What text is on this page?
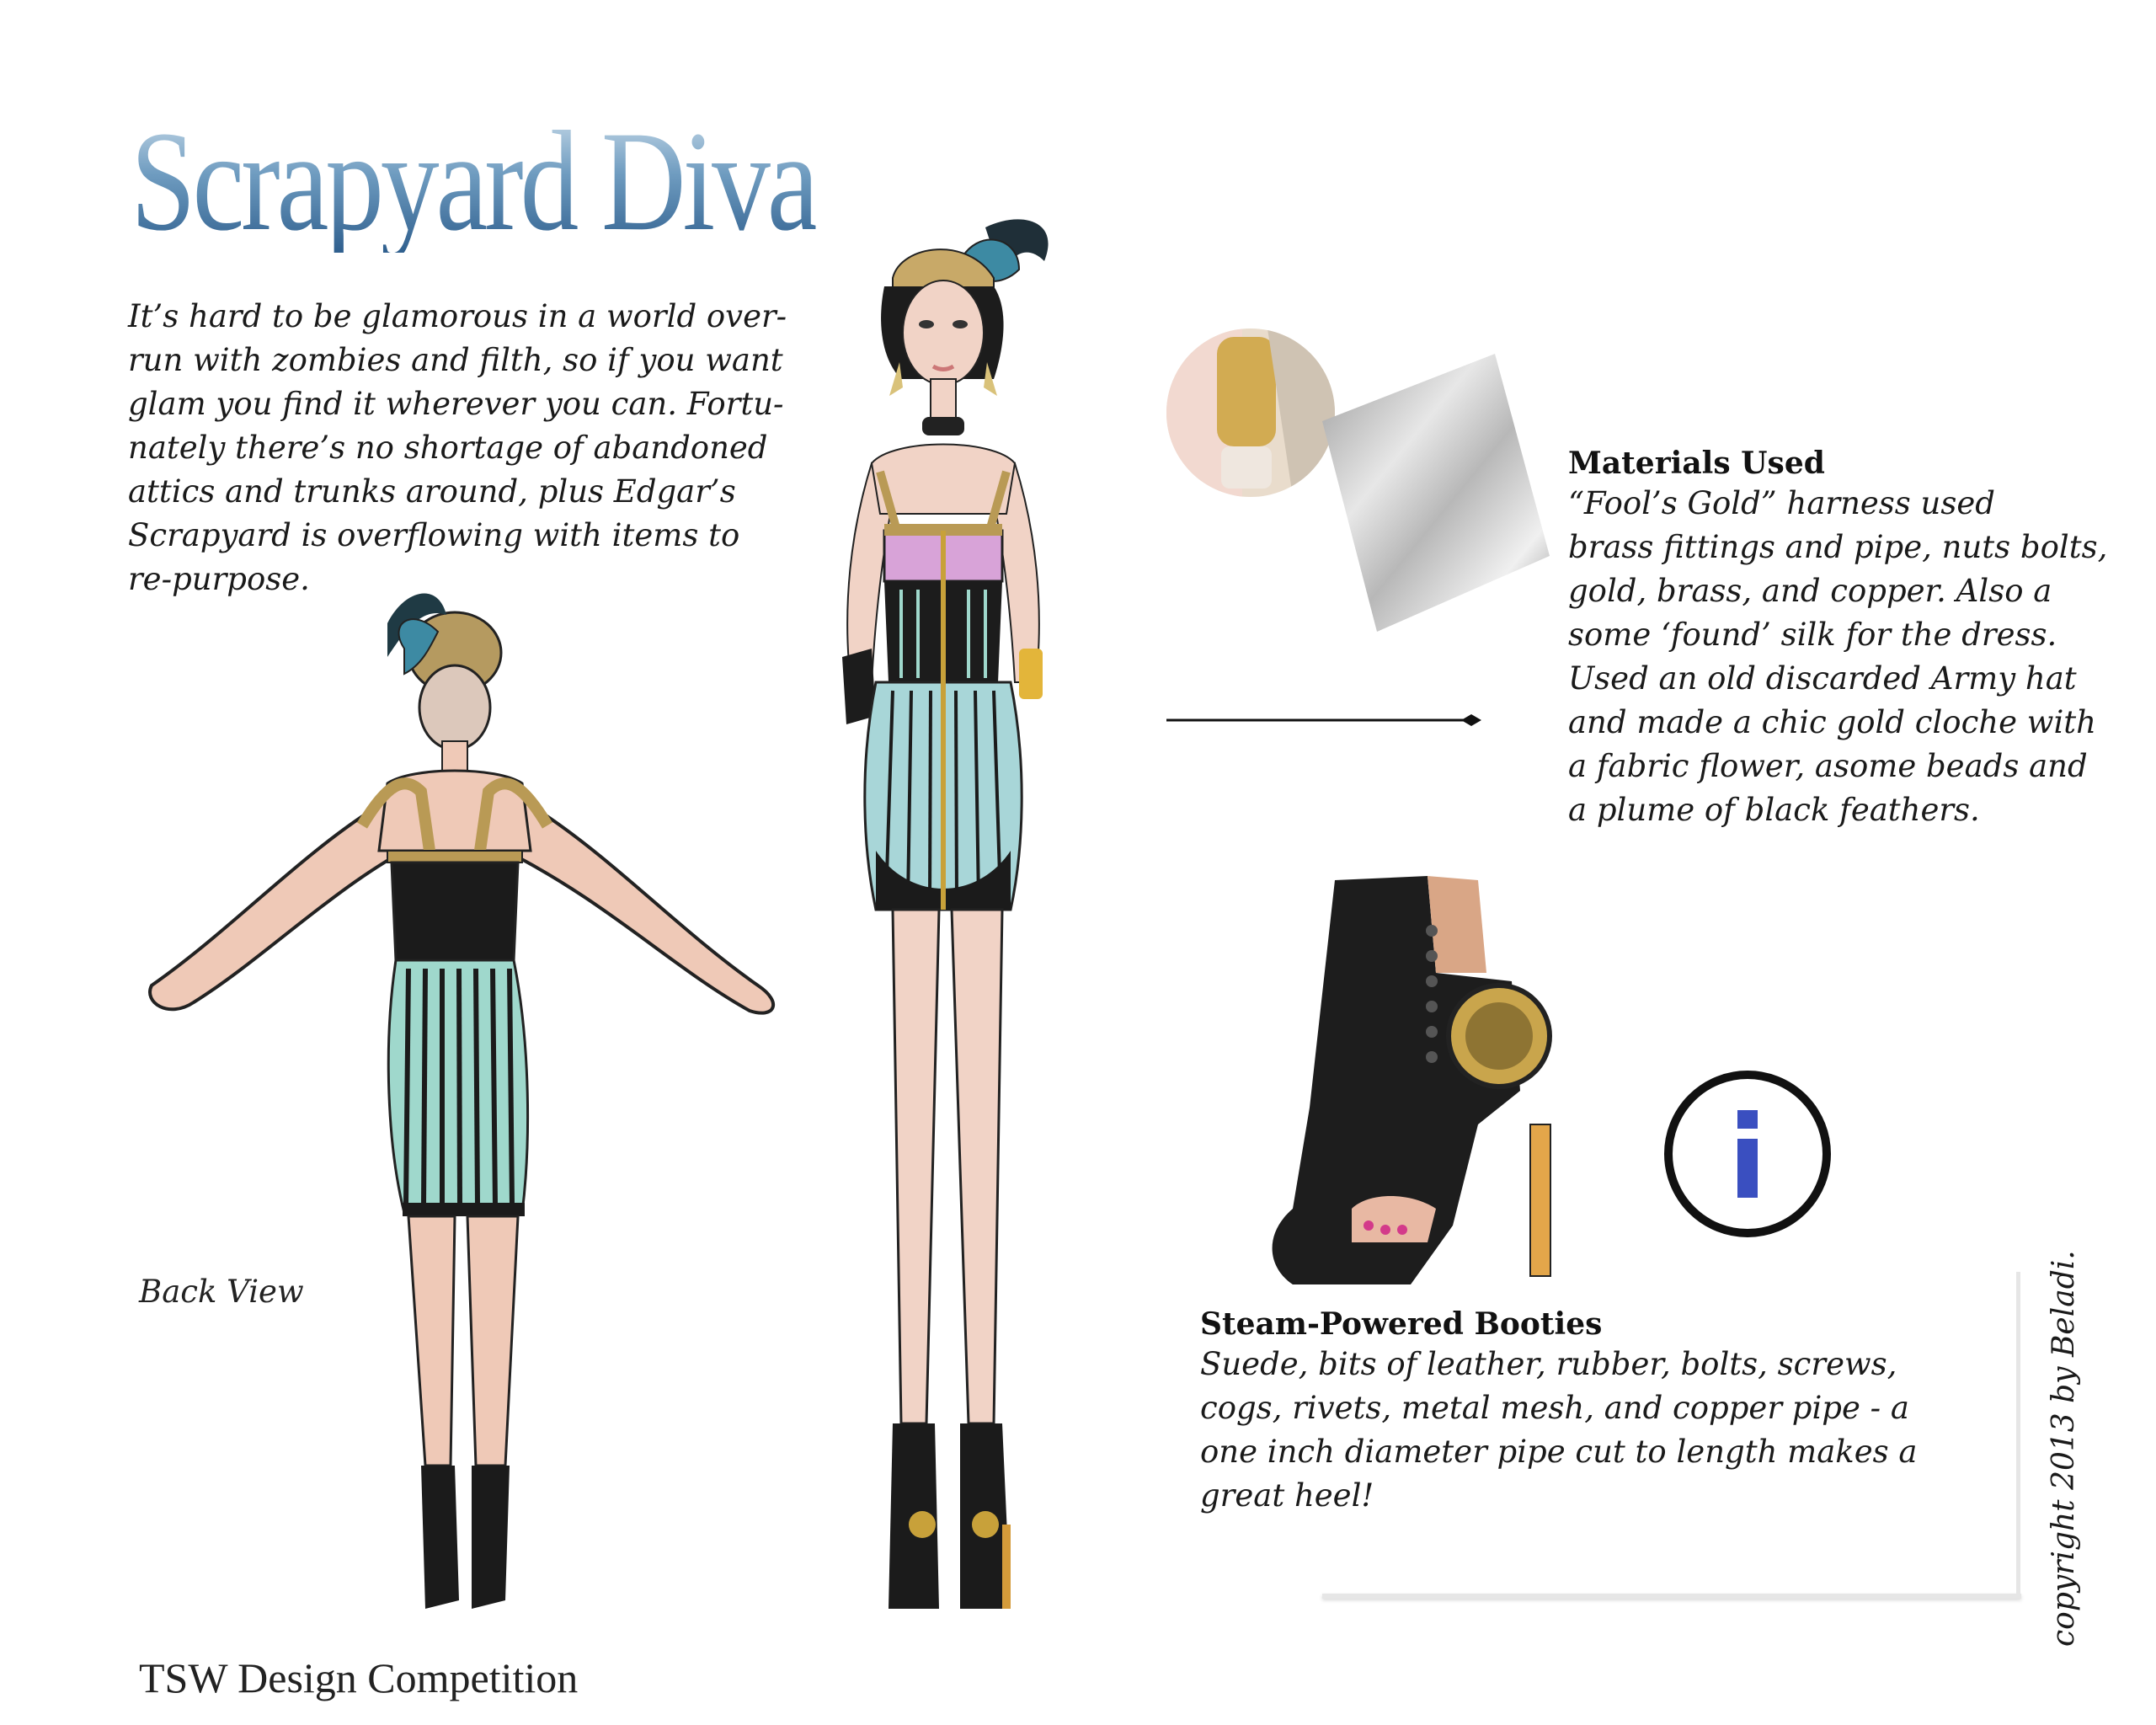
Scrapyard Diva

It’s hard to be glamorous in a world over-
run with zombies and filth, so if you want
glam you find it wherever you can. Fortu-
nately there’s no shortage of abandoned
attics and trunks around, plus Edgar’s
Scrapyard is overflowing with items to
re-purpose.

Back View
Materials Used
“Fool’s Gold” harness used
brass fittings and pipe, nuts bolts,
gold, brass, and copper. Also a
some ‘found’ silk for the dress.
Used an old discarded Army hat
and made a chic gold cloche with
a fabric flower, asome beads and
a plume of black feathers.
Steam-Powered Booties
Suede, bits of leather, rubber, bolts, screws,
cogs, rivets, metal mesh, and copper pipe - a
one inch diameter pipe cut to length makes a
great heel!	copyright 2013 by Beladi.
TSW Design Competition
